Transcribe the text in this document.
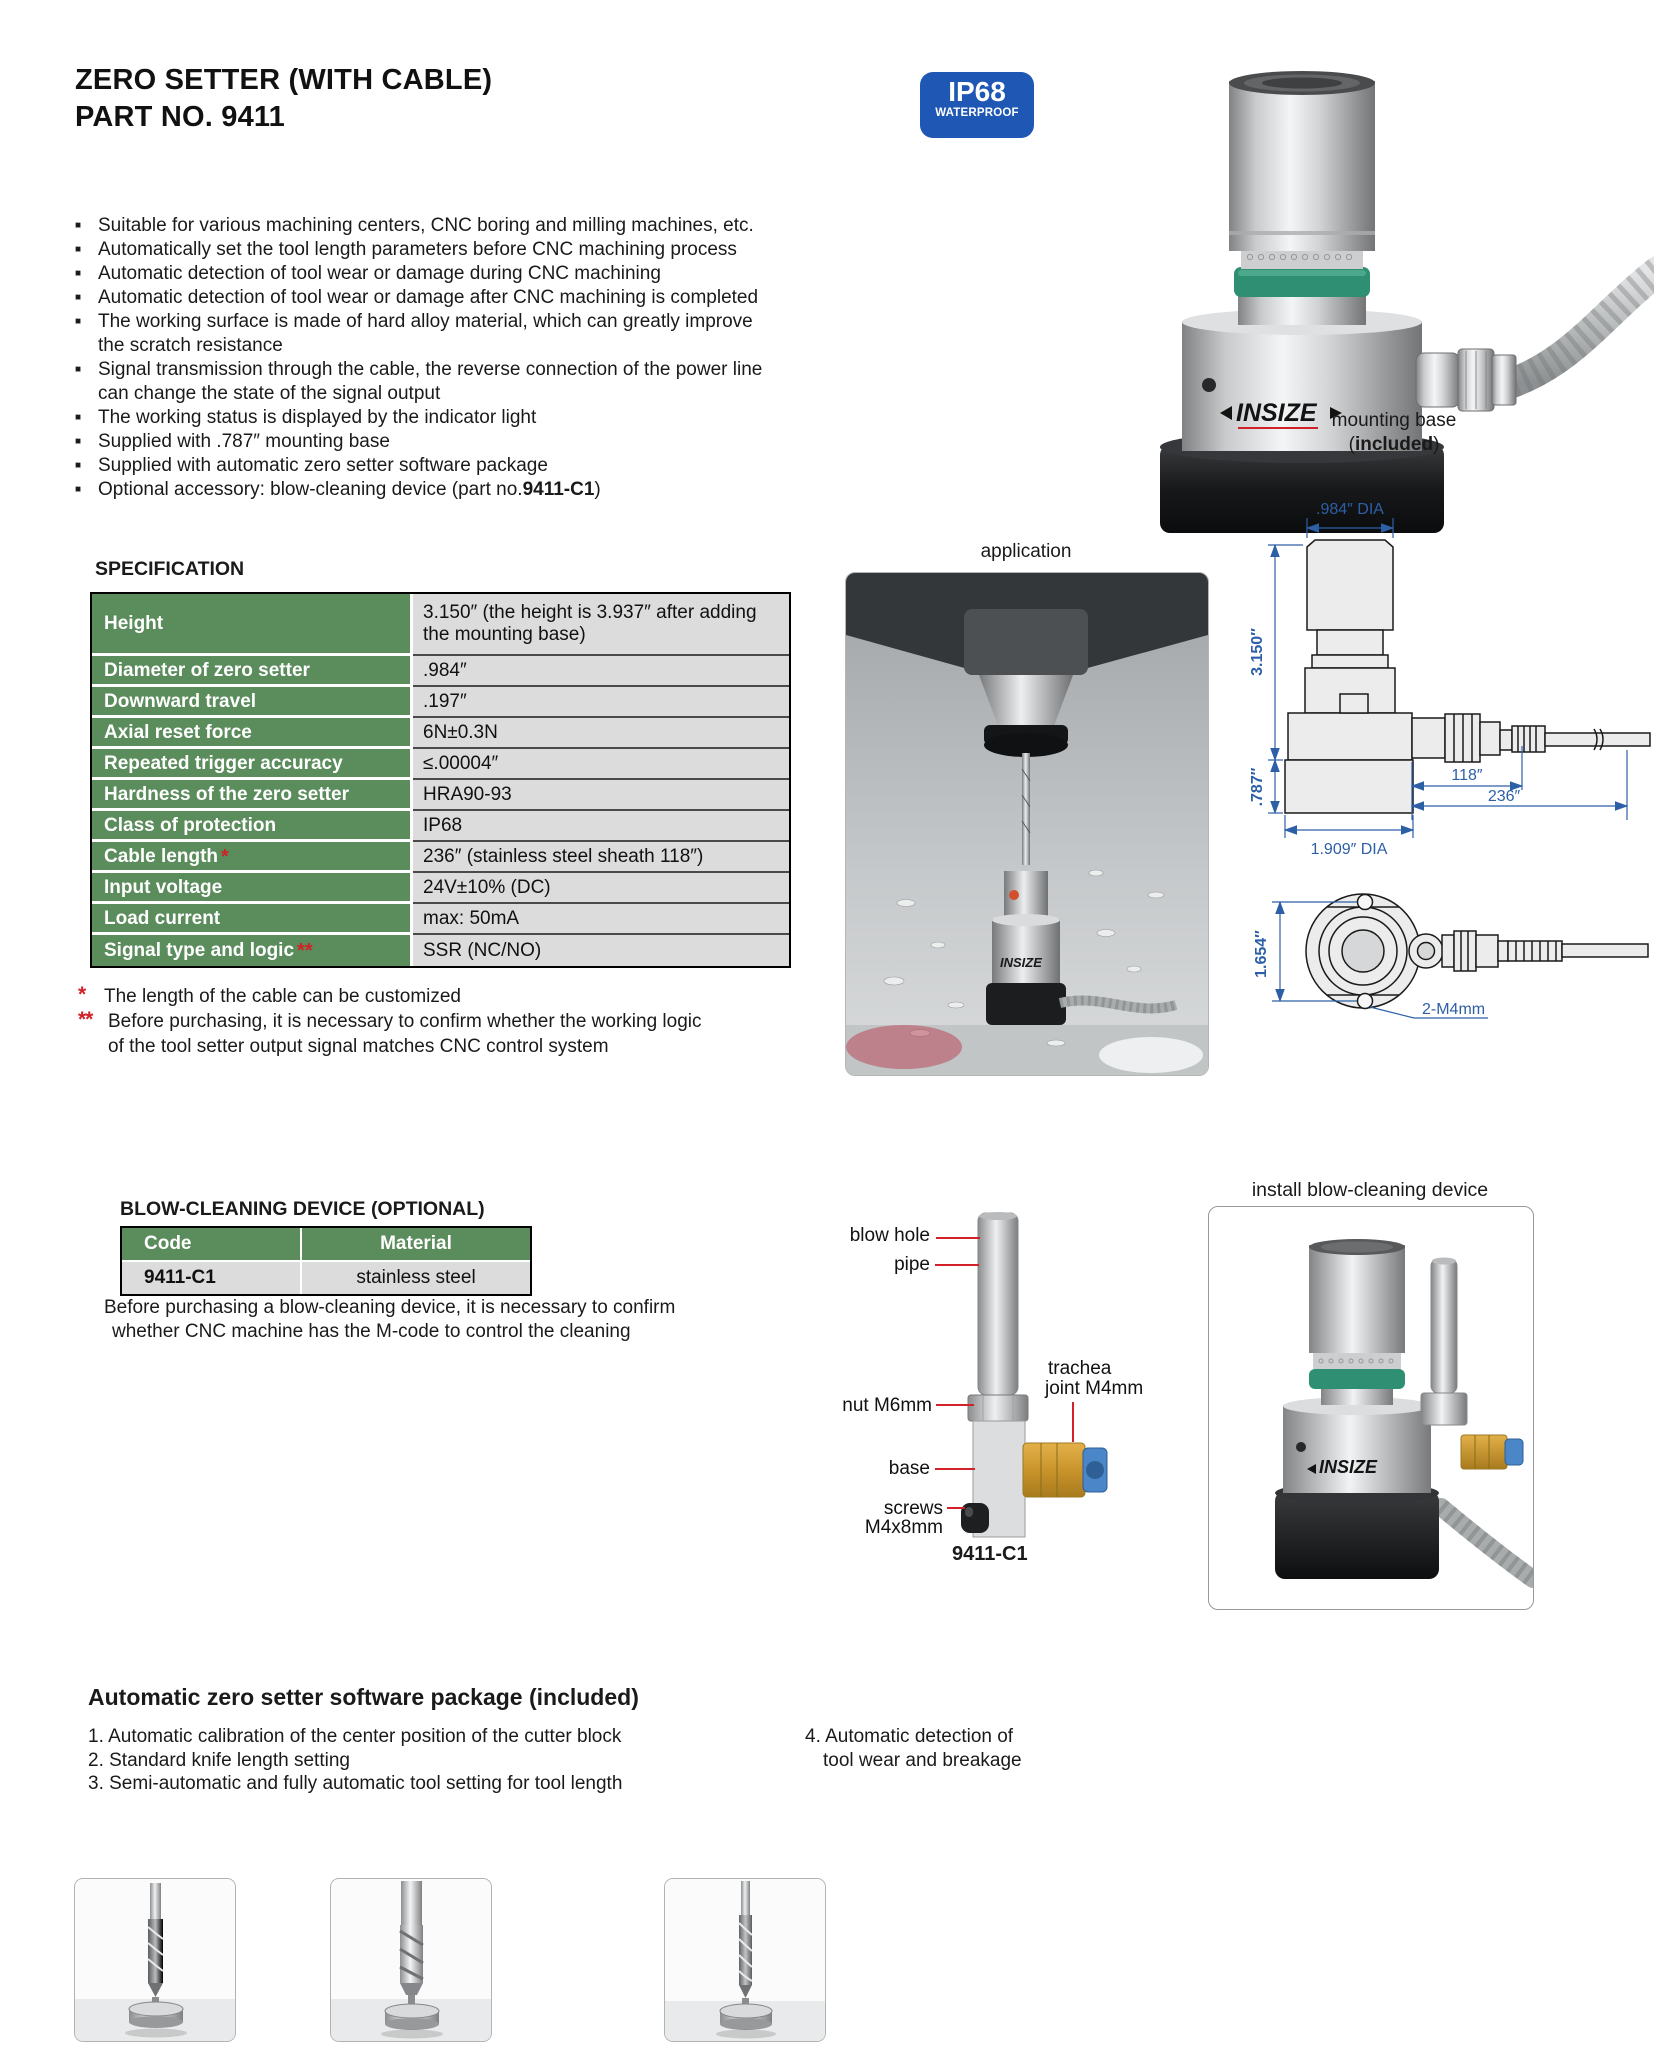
ZERO SETTER (WITH CABLE)
PART NO. 9411
IP68
WATERPROOF
INSIZE mounting base
(included)
■ Suitable for various machining centers, CNC boring and milling machines, etc.
■ Automatically set the tool length parameters before CNC machining process
■ Automatic detection of tool wear or damage during CNC machining
■ Automatic detection of tool wear or damage after CNC machining is completed
■ The working surface is made of hard alloy material, which can greatly improve the scratch resistance
■ Signal transmission through the cable, the reverse connection of the power line can change the state of the signal output
■ The working status is displayed by the indicator light
■ Supplied with .787″ mounting base
■ Supplied with automatic zero setter software package
■ Optional accessory: blow-cleaning device (part no.9411-C1)
SPECIFICATION
Height	3.150″ (the height is 3.937″ after adding the mounting base)
Diameter of zero setter	.984″
Downward travel	.197″
Axial reset force	6N±0.3N
Repeated trigger accuracy	≤.00004″
Hardness of the zero setter	HRA90-93
Class of protection	IP68
Cable length *	236″ (stainless steel sheath 118″)
Input voltage	24V±10% (DC)
Load current	max: 50mA
Signal type and logic **	SSR (NC/NO)
* The length of the cable can be customized
** Before purchasing, it is necessary to confirm whether the working logic
of the tool setter output signal matches CNC control system
application
INSIZE
.984″ DIA
3.150″
.787″	118″
236″
1.909″ DIA
1.654″
2-M4mm
BLOW-CLEANING DEVICE (OPTIONAL)
Code	Material
9411-C1	stainless steel
Before purchasing a blow-cleaning device, it is necessary to confirm
whether CNC machine has the M-code to control the cleaning
blow hole
pipe
nut M6mm
trachea
joint M4mm
base
screws
M4x8mm
9411-C1
install blow-cleaning device
INSIZE
Automatic zero setter software package (included)
1. Automatic calibration of the center position of the cutter block
2. Standard knife length setting
3. Semi-automatic and fully automatic tool setting for tool length
4. Automatic detection of
tool wear and breakage
